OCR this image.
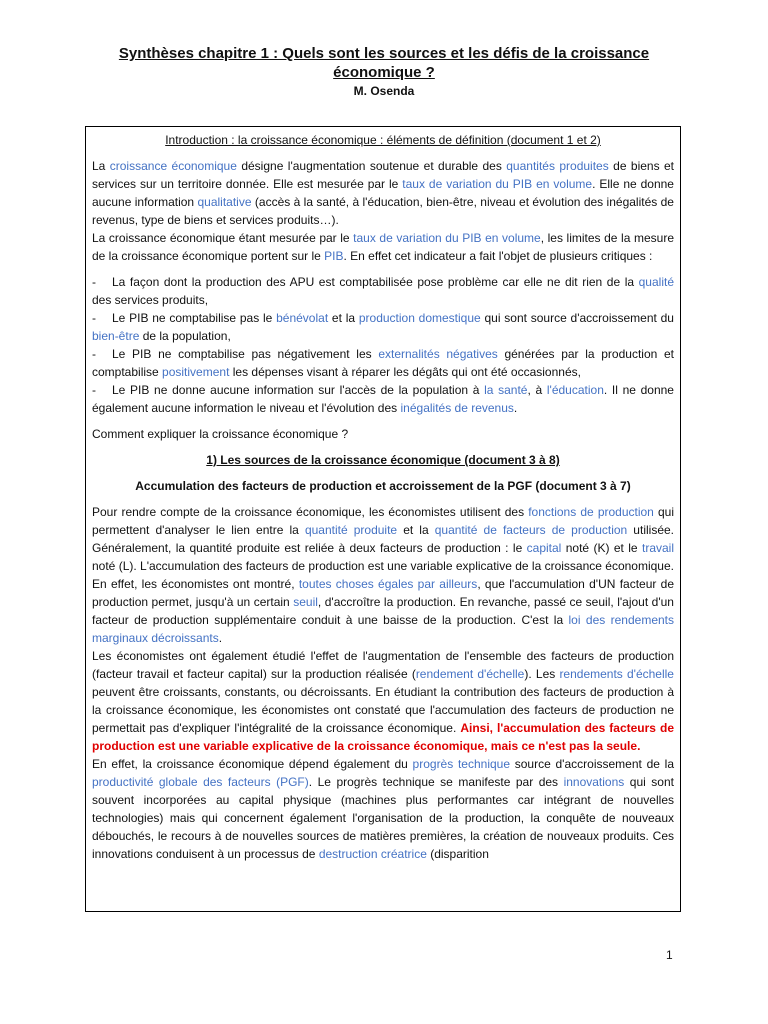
Synthèses chapitre 1 : Quels sont les sources et les défis de la croissance
économique ?
M. Osenda

Introduction : la croissance économique : éléments de définition (document 1 et 2)

La croissance économique désigne l'augmentation soutenue et durable des quantités produites de biens et services sur un territoire donnée. Elle est mesurée par le taux de variation du PIB en volume. Elle ne donne aucune information qualitative (accès à la santé, à l'éducation, bien-être, niveau et évolution des inégalités de revenus, type de biens et services produits…).

La croissance économique étant mesurée par le taux de variation du PIB en volume, les limites de la mesure de la croissance économique portent sur le PIB. En effet cet indicateur a fait l'objet de plusieurs critiques :

- La façon dont la production des APU est comptabilisée pose problème car elle ne dit rien de la qualité des services produits,

- Le PIB ne comptabilise pas le bénévolat et la production domestique qui sont source d'accroissement du bien-être de la population,

- Le PIB ne comptabilise pas négativement les externalités négatives générées par la production et comptabilise positivement les dépenses visant à réparer les dégâts qui ont été occasionnés,

- Le PIB ne donne aucune information sur l'accès de la population à la santé, à l'éducation. Il ne donne également aucune information le niveau et l'évolution des inégalités de revenus.

Comment expliquer la croissance économique ?

1) Les sources de la croissance économique (document 3 à 8)

Accumulation des facteurs de production et accroissement de la PGF (document 3 à 7)

Pour rendre compte de la croissance économique, les économistes utilisent des fonctions de production qui permettent d'analyser le lien entre la quantité produite et la quantité de facteurs de production utilisée. Généralement, la quantité produite est reliée à deux facteurs de production : le capital noté (K) et le travail noté (L). L'accumulation des facteurs de production est une variable explicative de la croissance économique. En effet, les économistes ont montré, toutes choses égales par ailleurs, que l'accumulation d'UN facteur de production permet, jusqu'à un certain seuil, d'accroître la production. En revanche, passé ce seuil, l'ajout d'un facteur de production supplémentaire conduit à une baisse de la production. C'est la loi des rendements marginaux décroissants.

Les économistes ont également étudié l'effet de l'augmentation de l'ensemble des facteurs de production (facteur travail et facteur capital) sur la production réalisée (rendement d'échelle). Les rendements d'échelle peuvent être croissants, constants, ou décroissants. En étudiant la contribution des facteurs de production à la croissance économique, les économistes ont constaté que l'accumulation des facteurs de production ne permettait pas d'expliquer l'intégralité de la croissance économique. Ainsi, l'accumulation des facteurs de production est une variable explicative de la croissance économique, mais ce n'est pas la seule.

En effet, la croissance économique dépend également du progrès technique source d'accroissement de la productivité globale des facteurs (PGF). Le progrès technique se manifeste par des innovations qui sont souvent incorporées au capital physique (machines plus performantes car intégrant de nouvelles technologies) mais qui concernent également l'organisation de la production, la conquête de nouveaux débouchés, le recours à de nouvelles sources de matières premières, la création de nouveaux produits. Ces innovations conduisent à un processus de destruction créatrice (disparition

1
